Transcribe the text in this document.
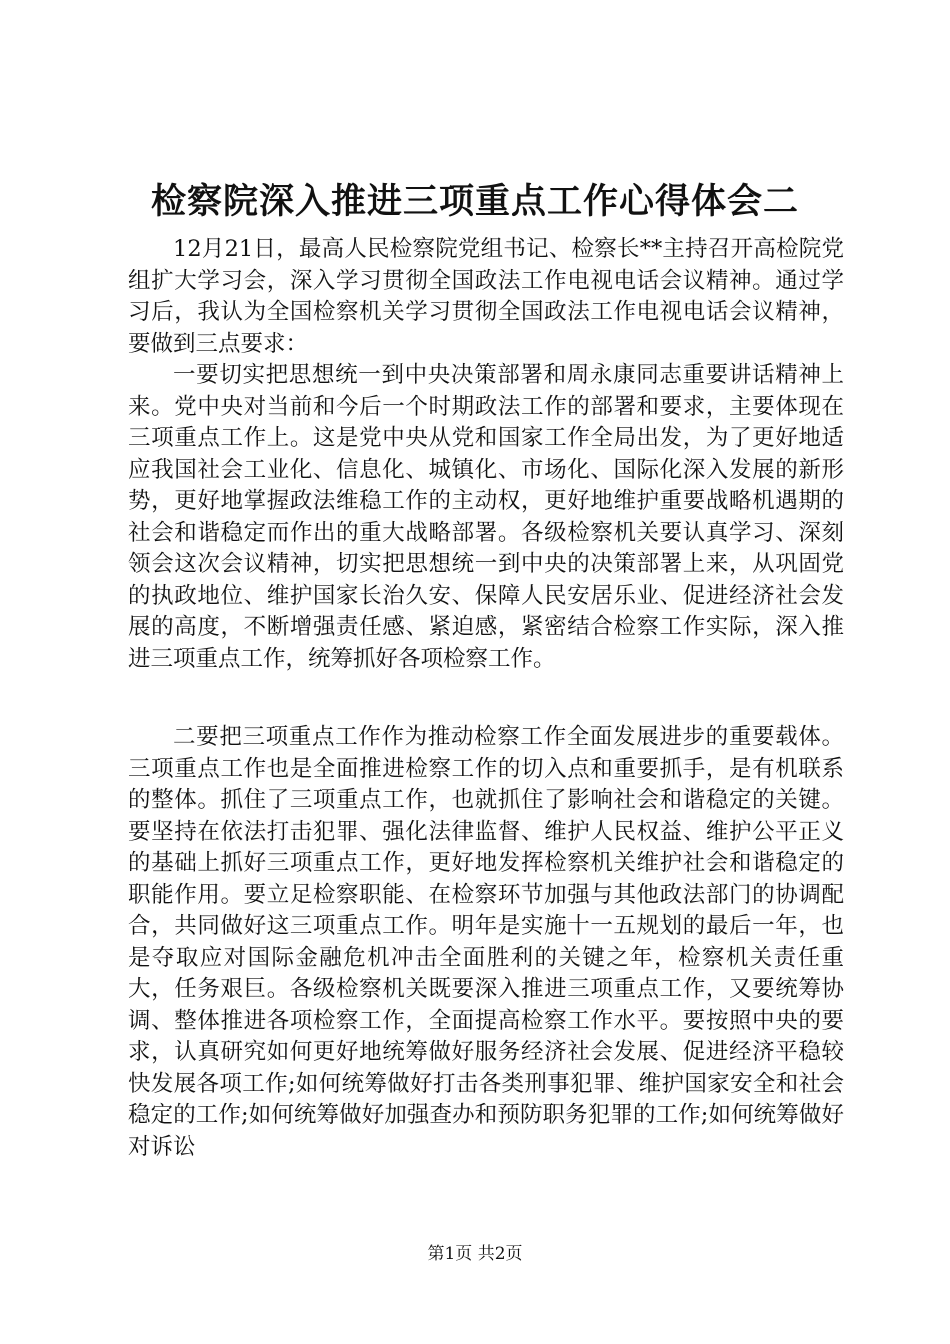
检察院深入推进三项重点工作心得体会二

12月21日，最高人民检察院党组书记、检察长**主持召开高检院党组扩大学习会，深入学习贯彻全国政法工作电视电话会议精神。通过学习后，我认为全国检察机关学习贯彻全国政法工作电视电话会议精神，要做到三点要求：

一要切实把思想统一到中央决策部署和周永康同志重要讲话精神上来。党中央对当前和今后一个时期政法工作的部署和要求，主要体现在三项重点工作上。这是党中央从党和国家工作全局出发，为了更好地适应我国社会工业化、信息化、城镇化、市场化、国际化深入发展的新形势，更好地掌握政法维稳工作的主动权，更好地维护重要战略机遇期的社会和谐稳定而作出的重大战略部署。各级检察机关要认真学习、深刻领会这次会议精神，切实把思想统一到中央的决策部署上来，从巩固党的执政地位、维护国家长治久安、保障人民安居乐业、促进经济社会发展的高度，不断增强责任感、紧迫感，紧密结合检察工作实际，深入推进三项重点工作，统筹抓好各项检察工作。

二要把三项重点工作作为推动检察工作全面发展进步的重要载体。三项重点工作也是全面推进检察工作的切入点和重要抓手，是有机联系的整体。抓住了三项重点工作，也就抓住了影响社会和谐稳定的关键。要坚持在依法打击犯罪、强化法律监督、维护人民权益、维护公平正义的基础上抓好三项重点工作，更好地发挥检察机关维护社会和谐稳定的职能作用。要立足检察职能、在检察环节加强与其他政法部门的协调配合，共同做好这三项重点工作。明年是实施十一五规划的最后一年，也是夺取应对国际金融危机冲击全面胜利的关键之年，检察机关责任重大，任务艰巨。各级检察机关既要深入推进三项重点工作，又要统筹协调、整体推进各项检察工作，全面提高检察工作水平。要按照中央的要求，认真研究如何更好地统筹做好服务经济社会发展、促进经济平稳较快发展各项工作;如何统筹做好打击各类刑事犯罪、维护国家安全和社会稳定的工作;如何统筹做好加强查办和预防职务犯罪的工作;如何统筹做好对诉讼

第1页 共2页
